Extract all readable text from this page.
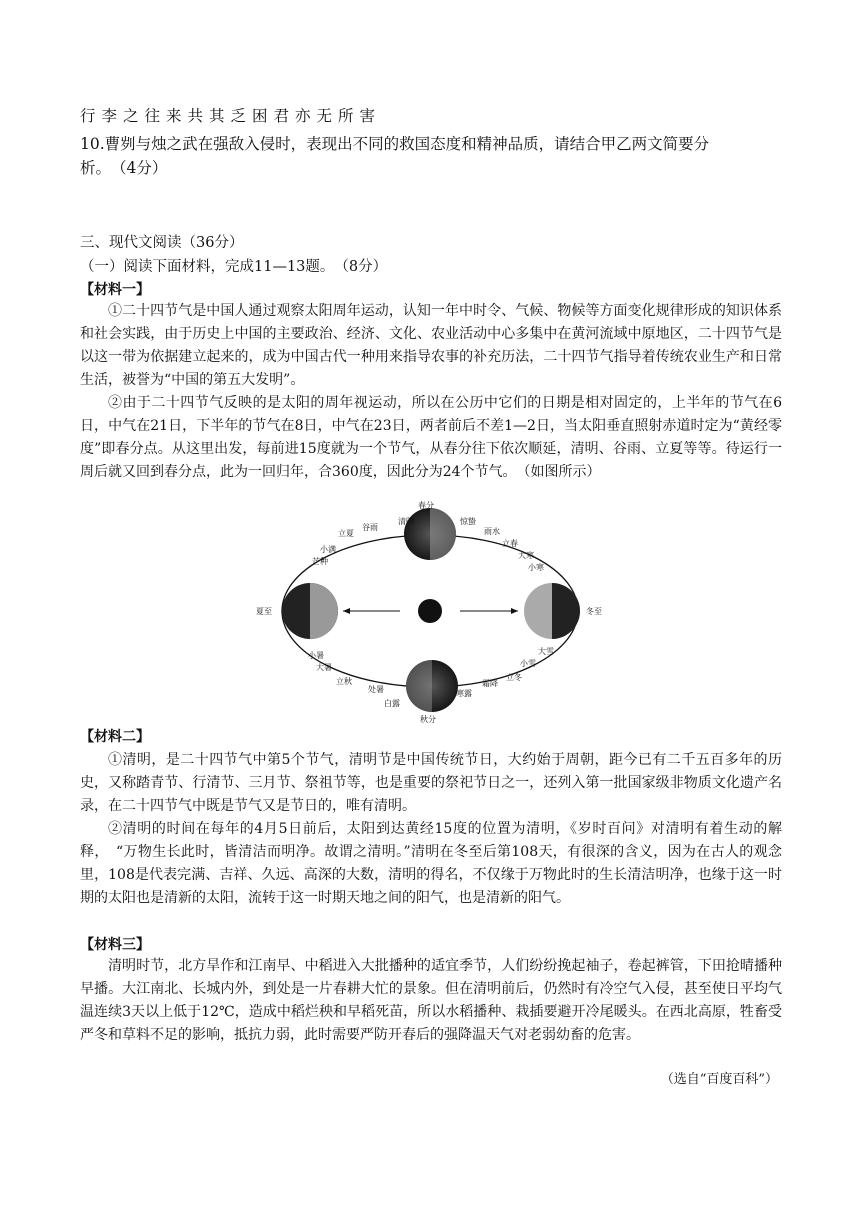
行李之往来共其乏困君亦无所害
10.曹刿与烛之武在强敌入侵时，表现出不同的救国态度和精神品质，请结合甲乙两文简要分
析。　（4分）
三、现代文阅读（36分）
（一）阅读下面材料，完成11—13题。　（8分）
【材料一】
①二十四节气是中国人通过观察太阳周年运动，认知一年中时令、气候、物候等方面变化规律形成的知识体系和社会实践，由于历史上中国的主要政治、经济、文化、农业活动中心多集中在黄河流域中原地区，二十四节气是以这一带为依据建立起来的，成为中国古代一种用来指导农事的补充历法，二十四节气指导着传统农业生产和日常生活，被誉为“中国的第五大发明”。
②由于二十四节气反映的是太阳的周年视运动，所以在公历中它们的日期是相对固定的，上半年的节气在6日，中气在21日，下半年的节气在8日，中气在23日，两者前后不差1—2日，当太阳垂直照射赤道时定为“黄经零度”即春分点。从这里出发，每前进15度就为一个节气，从春分往下依次顺延，清明、谷雨、立夏等等。待运行一周后就又回到春分点，此为一回归年，合360度，因此分为24个节气。　（如图所示）
春分
清明
谷雨
立夏
小满
芒种
夏至
小暑
大暑
立秋
处暑
白露
秋分
寒露
霜降
立冬
小雪
大雪
冬至
小寒
大寒
立春
雨水
惊蛰
【材料二】
①清明，是二十四节气中第5个节气，清明节是中国传统节日，大约始于周朝，距今已有二千五百多年的历史，又称踏青节、行清节、三月节、祭祖节等，也是重要的祭祀节日之一，还列入第一批国家级非物质文化遗产名录，在二十四节气中既是节气又是节日的，唯有清明。
②清明的时间在每年的4月5日前后，太阳到达黄经15度的位置为清明，《岁时百问》对清明有着生动的解释，　“万物生长此时，皆清洁而明净。故谓之清明。”清明在冬至后第108天，有很深的含义，因为在古人的观念里，108是代表完满、吉祥、久远、高深的大数，清明的得名，不仅缘于万物此时的生长清洁明净，也缘于这一时期的太阳也是清新的太阳，流转于这一时期天地之间的阳气，也是清新的阳气。
【材料三】
清明时节，北方旱作和江南早、中稻进入大批播种的适宜季节，人们纷纷挽起袖子，卷起裤管，下田抢晴播种早播。大江南北、长城内外，到处是一片春耕大忙的景象。但在清明前后，仍然时有冷空气入侵，甚至使日平均气温连续3天以上低于12℃，造成中稻烂秧和早稻死苗，所以水稻播种、栽插要避开冷尾暖头。在西北高原，牲畜受严冬和草料不足的影响，抵抗力弱，此时需要严防开春后的强降温天气对老弱幼畜的危害。
（选自“百度百科”）
